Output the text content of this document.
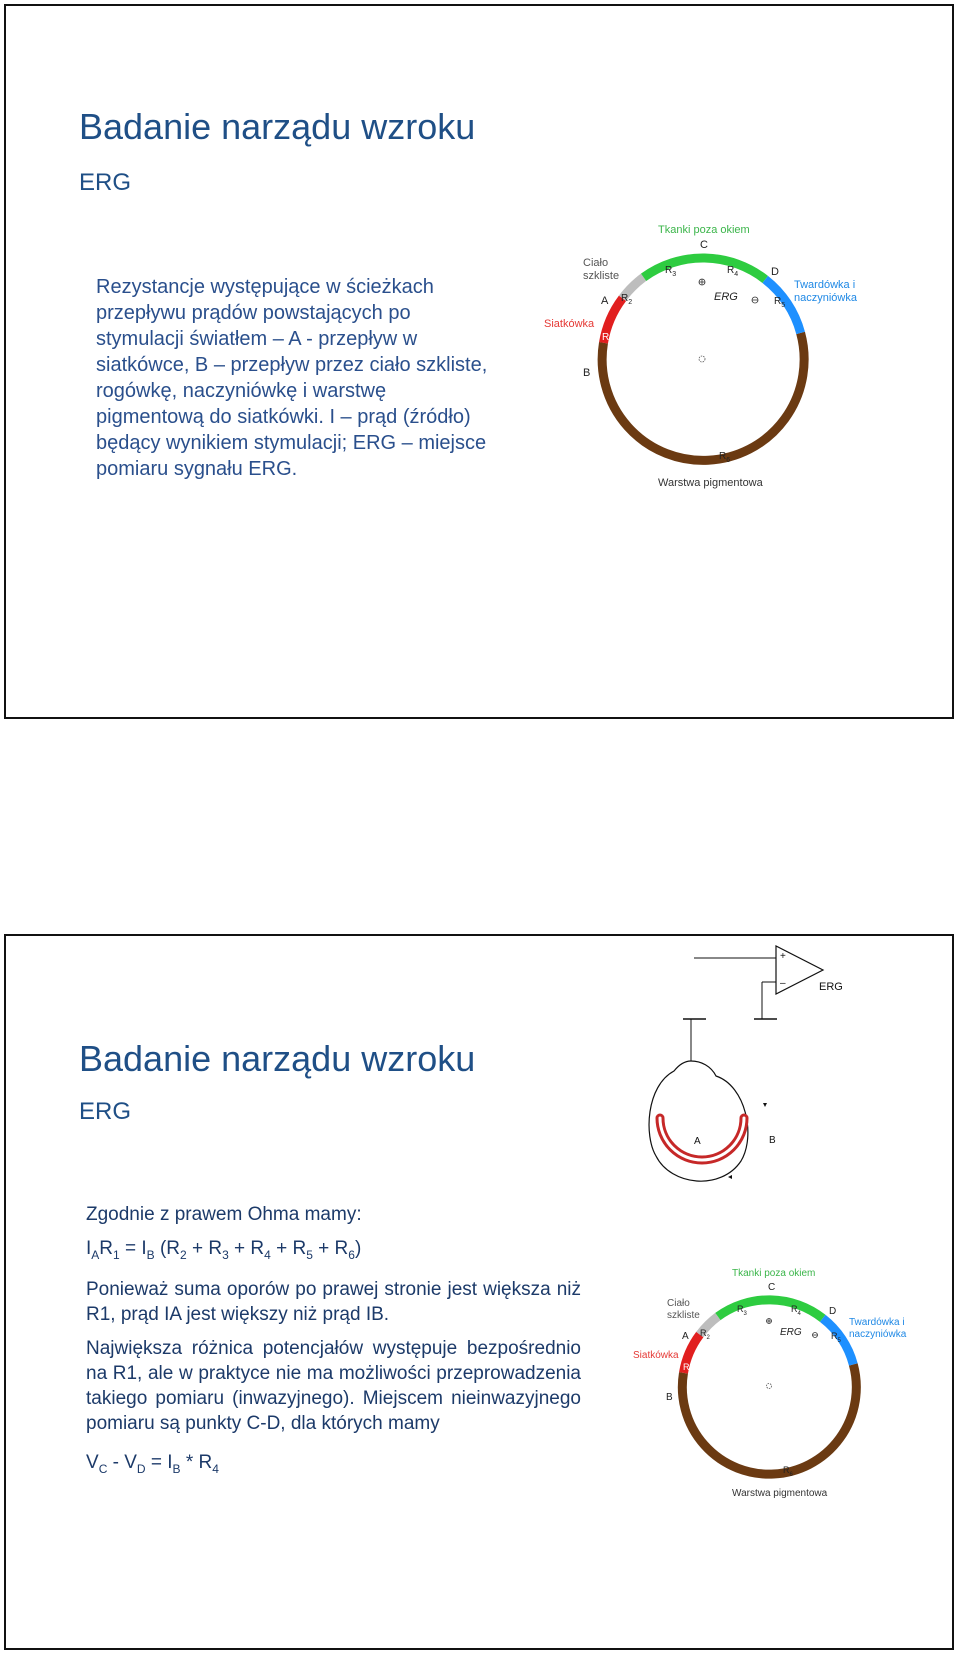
Badanie narządu wzroku
ERG
Rezystancje występujące w ścieżkach przepływu prądów powstających po stymulacji światłem – A - przepływ w siatkówce, B – przepływ przez ciało szkliste, rogówkę, naczyniówkę i warstwę pigmentową do siatkówki. I – prąd (źródło) będący wynikiem stymulacji; ERG – miejsce pomiaru sygnału ERG.
Tkanki poza okiem
C
D
A
B
Ciało
szkliste
Siatkówka
Twardówka i
naczyniówka
Warstwa pigmentowa
$R_3$	$R_4$
$R_5$
$R_2$
$R_1$
$R_6$
ERG
Badanie narządu wzroku
ERG

Zgodnie z prawem Ohma mamy:

$I_AR_1 = I_B$ $(R_2 + R_3 + R_4 + R_5 + R_6)$

Ponieważ suma oporów po prawej stronie jest większa niż R1, prąd IA jest większy niż prąd IB.

Największa różnica potencjałów występuje bezpośrednio na R1, ale w praktyce nie ma możliwości przeprowadzenia takiego pomiaru (inwazyjnego). Miejscem nieinwazyjnego pomiaru są punkty C-D, dla których mamy

$V_C - V_D = I_B * R_4$

+
–	ERG
A	B
Tkanki poza okiem
C
D
A
B
Ciało
szkliste
Siatkówka
Twardówka i
naczyniówka
Warstwa pigmentowa
$R_3$	$R_4$
$R_5$
$R_2$
$R_1$
$R_6$
ERG
